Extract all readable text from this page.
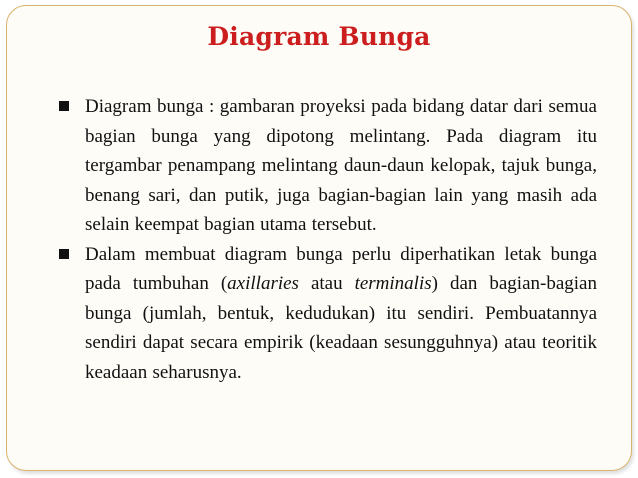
Diagram Bunga
Diagram bunga : gambaran proyeksi pada bidang datar dari semua bagian bunga yang dipotong melintang. Pada diagram itu tergambar penampang melintang daun-daun kelopak, tajuk bunga, benang sari, dan putik, juga bagian-bagian lain yang masih ada selain keempat bagian utama tersebut.
Dalam membuat diagram bunga perlu diperhatikan letak bunga pada tumbuhan (axillaries atau terminalis) dan bagian-bagian bunga (jumlah, bentuk, kedudukan) itu sendiri. Pembuatannya sendiri dapat secara empirik (keadaan sesungguhnya) atau teoritik keadaan seharusnya.
